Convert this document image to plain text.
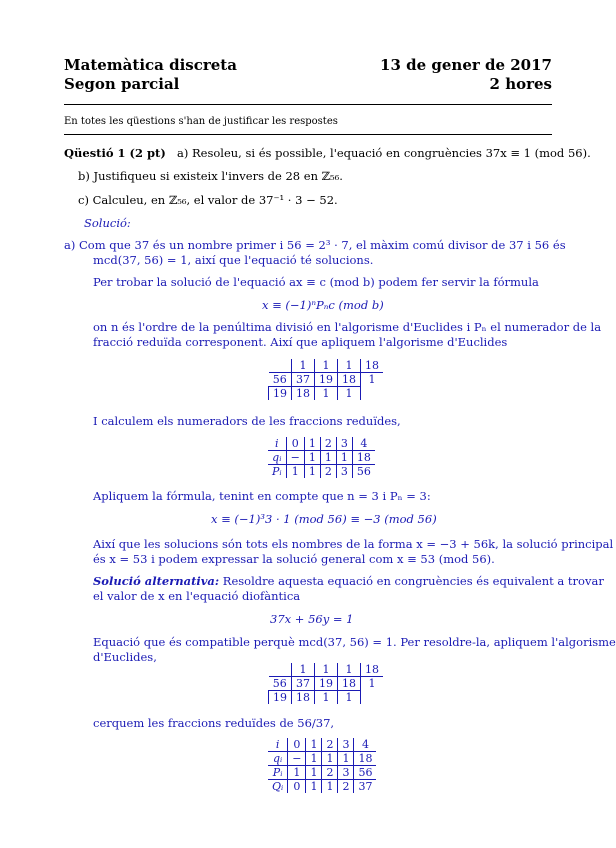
Matemàtica discreta
Segon parcial
13 de gener de 2017
2 hores
En totes les qüestions s'han de justificar les respostes
Qüestió 1 (2 pt) a) Resoleu, si és possible, l'equació en congruències 37x ≡ 1 (mod 56).
b) Justifiqueu si existeix l'invers de 28 en ℤ₅₆.
c) Calculeu, en ℤ₅₆, el valor de 37⁻¹ · 3 − 52.
Solució:
a) Com que 37 és un nombre primer i 56 = 2³ · 7, el màxim comú divisor de 37 i 56 és
mcd(37, 56) = 1, així que l'equació té solucions.
Per trobar la solució de l'equació ax ≡ c (mod b) podem fer servir la fórmula
x ≡ (−1)ⁿPₙc (mod b)
on n és l'ordre de la penúltima divisió en l'algorisme d'Euclides i Pₙ el numerador de la
fracció reduïda corresponent. Així que apliquem l'algorisme d'Euclides
	1	1	1	18
56	37	19	18	1
19	18	1	1	
I calculem els numeradors de les fraccions reduïdes,
i	0	1	2	3	4
qᵢ	−	1	1	1	18
Pᵢ	1	1	2	3	56
Apliquem la fórmula, tenint en compte que n = 3 i Pₙ = 3:
x ≡ (−1)³3 · 1 (mod 56) ≡ −3 (mod 56)
Així que les solucions són tots els nombres de la forma x = −3 + 56k, la solució principal
és x = 53 i podem expressar la solució general com x ≡ 53 (mod 56).
Solució alternativa: Resoldre aquesta equació en congruències és equivalent a trovar
el valor de x en l'equació diofàntica
37x + 56y = 1
Equació que és compatible perquè mcd(37, 56) = 1. Per resoldre-la, apliquem l'algorisme
d'Euclides,
	1	1	1	18
56	37	19	18	1
19	18	1	1	
cerquem les fraccions reduïdes de 56/37,
i	0	1	2	3	4
qᵢ	−	1	1	1	18
Pᵢ	1	1	2	3	56
Qᵢ	0	1	1	2	37
